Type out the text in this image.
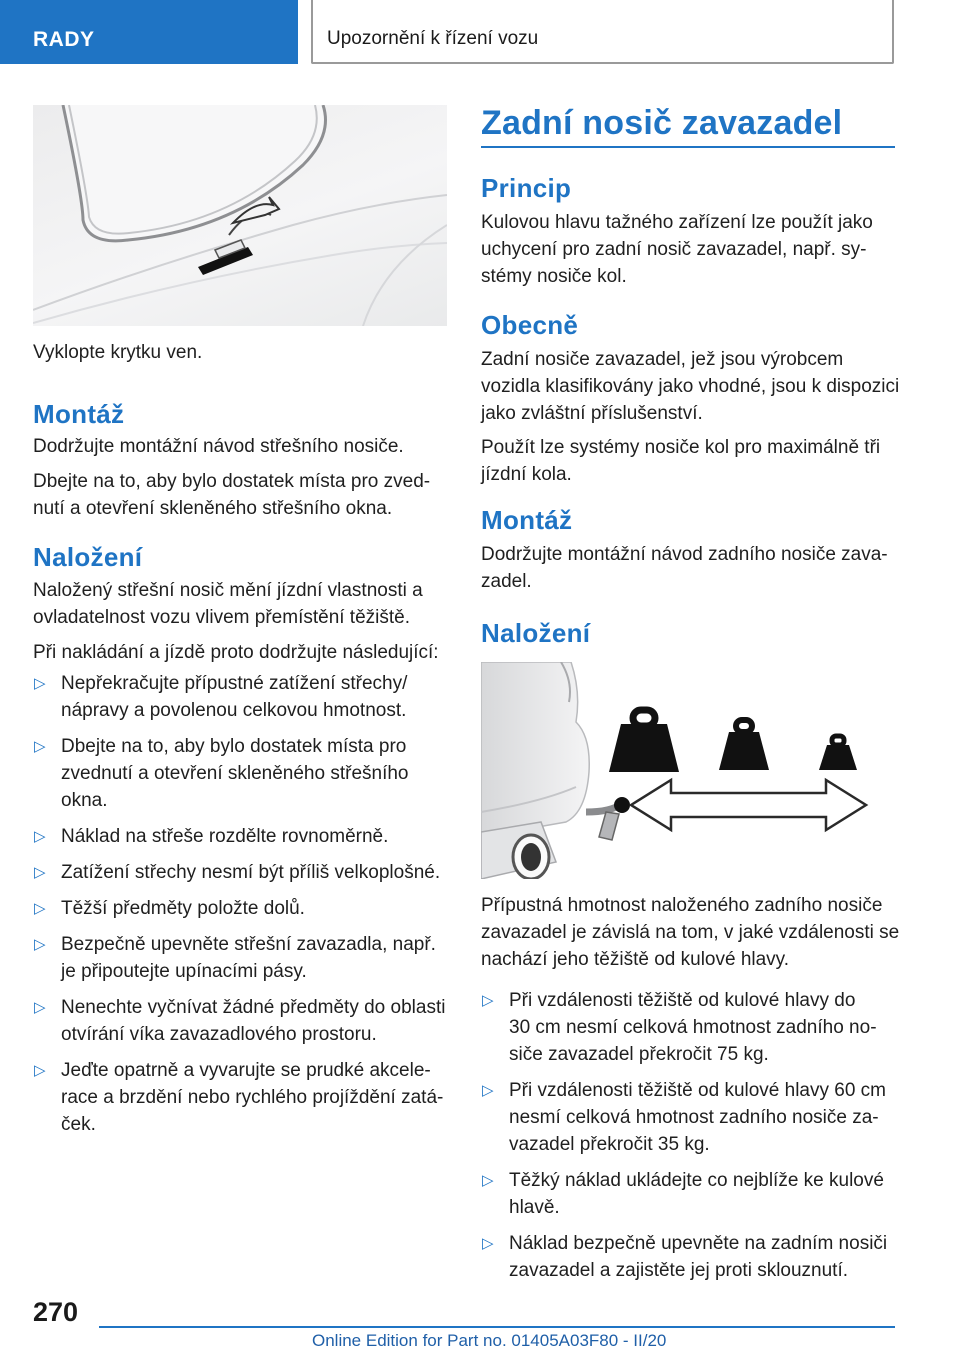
RADY	Upozornění k řízení vozu
Vyklopte krytku ven.
Montáž
Dodržujte montážní návod střešního nosiče.
Dbejte na to, aby bylo dostatek místa pro zved‐
nutí a otevření skleněného střešního okna.
Naložení
Naložený střešní nosič mění jízdní vlastnosti a
ovladatelnost vozu vlivem přemístění těžiště.
Při nakládání a jízdě proto dodržujte následující:
▷ Nepřekračujte přípustné zatížení střechy/
nápravy a povolenou celkovou hmotnost.
▷ Dbejte na to, aby bylo dostatek místa pro
zvednutí a otevření skleněného střešního
okna.
▷ Náklad na střeše rozdělte rovnoměrně.
▷ Zatížení střechy nesmí být příliš velkoplošné.
▷ Těžší předměty položte dolů.
▷ Bezpečně upevněte střešní zavazadla, např.
je připoutejte upínacími pásy.
▷ Nenechte vyčnívat žádné předměty do oblasti
otvírání víka zavazadlového prostoru.
▷ Jeďte opatrně a vyvarujte se prudké akcele‐
race a brzdění nebo rychlého projíždění zatá‐
ček.
Zadní nosič zavazadel
Princip
Kulovou hlavu tažného zařízení lze použít jako
uchycení pro zadní nosič zavazadel, např. sy‐
stémy nosiče kol.
Obecně
Zadní nosiče zavazadel, jež jsou výrobcem
vozidla klasifikovány jako vhodné, jsou k dispozici
jako zvláštní příslušenství.
Použít lze systémy nosiče kol pro maximálně tři
jízdní kola.
Montáž
Dodržujte montážní návod zadního nosiče zava‐
zadel.
Naložení
Přípustná hmotnost naloženého zadního nosiče
zavazadel je závislá na tom, v jaké vzdálenosti se
nachází jeho těžiště od kulové hlavy.
▷ Při vzdálenosti těžiště od kulové hlavy do
30 cm nesmí celková hmotnost zadního no‐
siče zavazadel překročit 75 kg.
▷ Při vzdálenosti těžiště od kulové hlavy 60 cm
nesmí celková hmotnost zadního nosiče za‐
vazadel překročit 35 kg.
▷ Těžký náklad ukládejte co nejblíže ke kulové
hlavě.
▷ Náklad bezpečně upevněte na zadním nosiči
zavazadel a zajistěte jej proti sklouznutí.
270
Online Edition for Part no. 01405A03F80 - II/20
